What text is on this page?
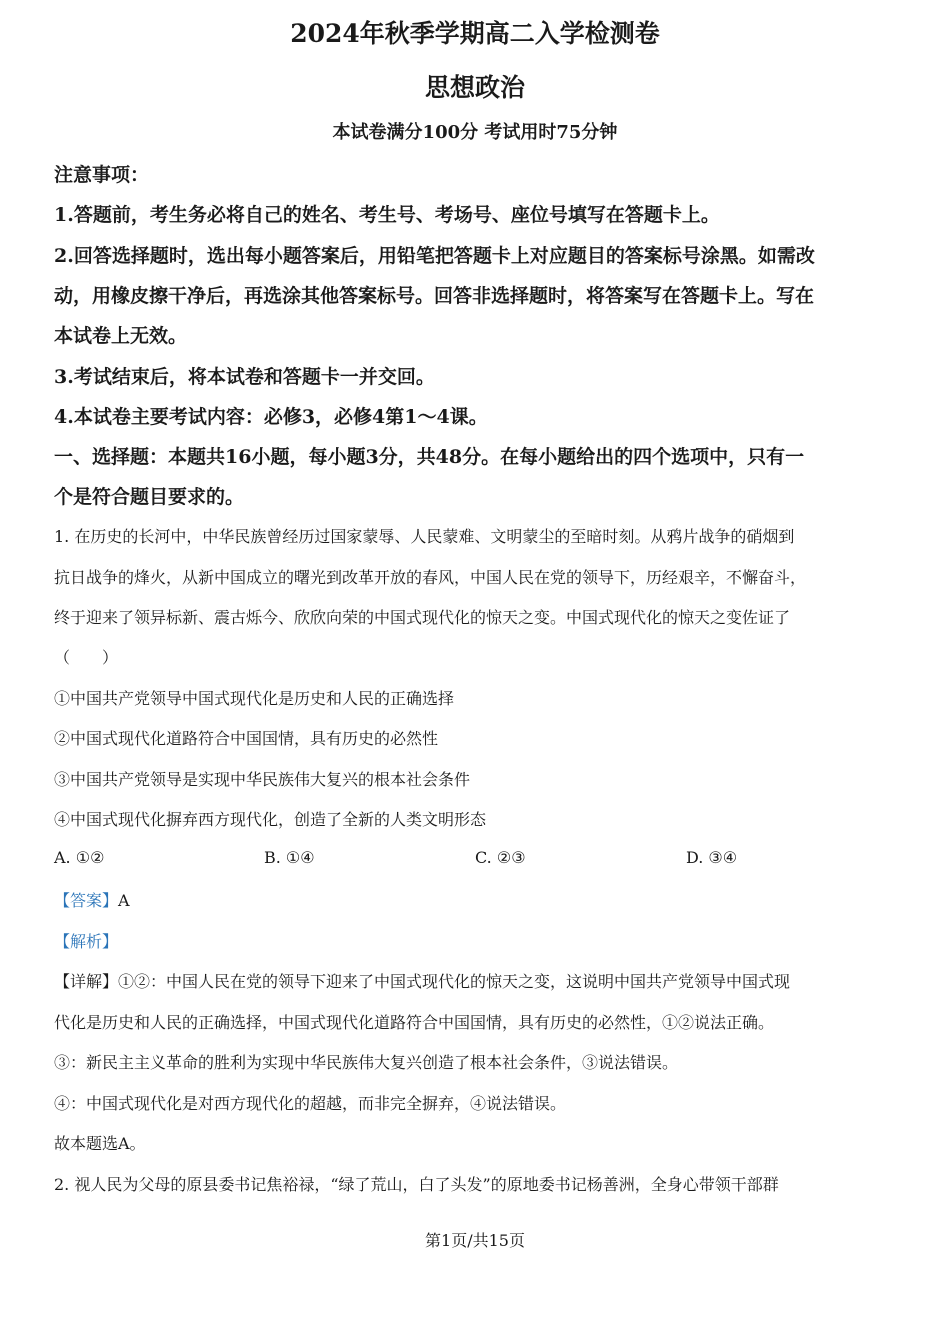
2024年秋季学期高二入学检测卷
思想政治
本试卷满分100分 考试用时75分钟
注意事项：
1.答题前，考生务必将自己的姓名、考生号、考场号、座位号填写在答题卡上。
2.回答选择题时，选出每小题答案后，用铅笔把答题卡上对应题目的答案标号涂黑。如需改
动，用橡皮擦干净后，再选涂其他答案标号。回答非选择题时，将答案写在答题卡上。写在
本试卷上无效。
3.考试结束后，将本试卷和答题卡一并交回。
4.本试卷主要考试内容：必修3，必修4第1～4课。
一、选择题：本题共16小题，每小题3分，共48分。在每小题给出的四个选项中，只有一
个是符合题目要求的。
1. 在历史的长河中，中华民族曾经历过国家蒙辱、人民蒙难、文明蒙尘的至暗时刻。从鸦片战争的硝烟到
抗日战争的烽火，从新中国成立的曙光到改革开放的春风，中国人民在党的领导下，历经艰辛，不懈奋斗，
终于迎来了领异标新、震古烁今、欣欣向荣的中国式现代化的惊天之变。中国式现代化的惊天之变佐证了
（　　）
①中国共产党领导中国式现代化是历史和人民的正确选择
②中国式现代化道路符合中国国情，具有历史的必然性
③中国共产党领导是实现中华民族伟大复兴的根本社会条件
④中国式现代化摒弃西方现代化，创造了全新的人类文明形态
A. ①②	B. ①④	C. ②③	D. ③④
【答案】A
【解析】
【详解】①②：中国人民在党的领导下迎来了中国式现代化的惊天之变，这说明中国共产党领导中国式现
代化是历史和人民的正确选择，中国式现代化道路符合中国国情，具有历史的必然性，①②说法正确。
③：新民主主义革命的胜利为实现中华民族伟大复兴创造了根本社会条件，③说法错误。
④：中国式现代化是对西方现代化的超越，而非完全摒弃，④说法错误。
故本题选A。
2. 视人民为父母的原县委书记焦裕禄，“绿了荒山，白了头发”的原地委书记杨善洲，全身心带领干部群
第1页/共15页
